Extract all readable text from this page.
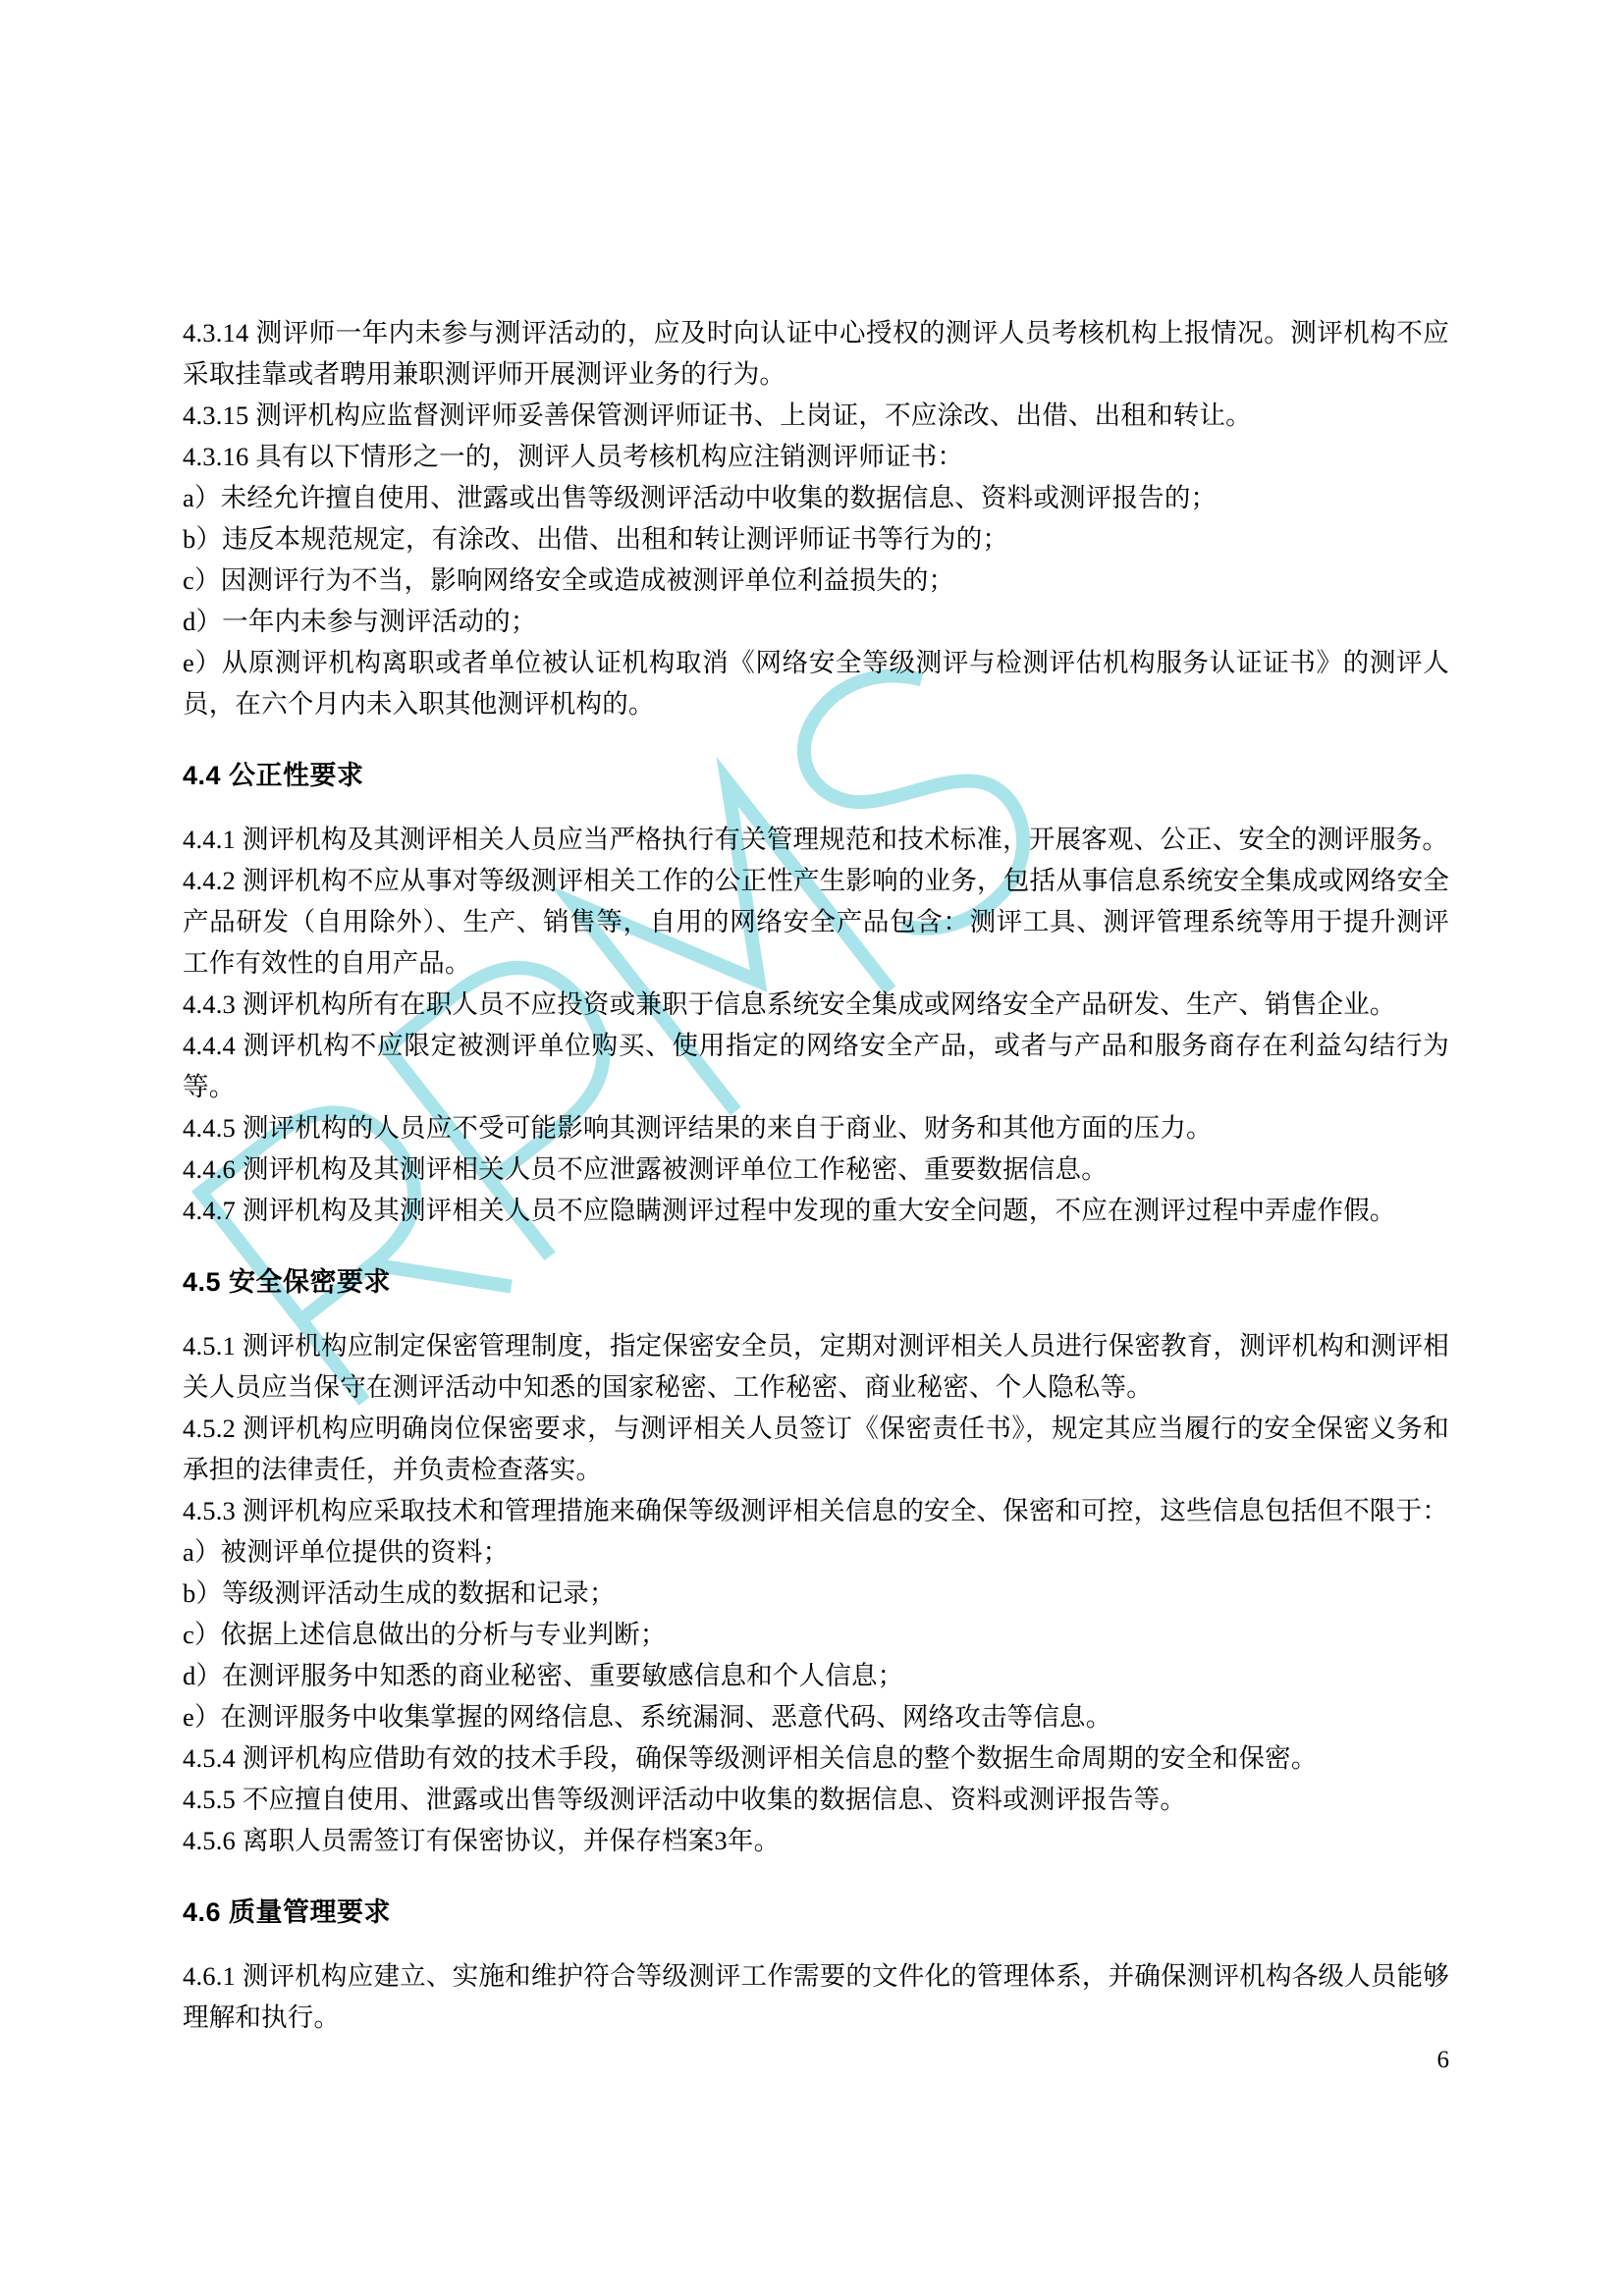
4.3.14 测评师一年内未参与测评活动的，应及时向认证中心授权的测评人员考核机构上报情况。测评机构不应采取挂靠或者聘用兼职测评师开展测评业务的行为。

4.3.15 测评机构应监督测评师妥善保管测评师证书、上岗证，不应涂改、出借、出租和转让。

4.3.16 具有以下情形之一的，测评人员考核机构应注销测评师证书：

a）未经允许擅自使用、泄露或出售等级测评活动中收集的数据信息、资料或测评报告的；

b）违反本规范规定，有涂改、出借、出租和转让测评师证书等行为的；

c）因测评行为不当，影响网络安全或造成被测评单位利益损失的；

d）一年内未参与测评活动的；

e）从原测评机构离职或者单位被认证机构取消《网络安全等级测评与检测评估机构服务认证证书》的测评人员，在六个月内未入职其他测评机构的。

4.4 公正性要求

4.4.1 测评机构及其测评相关人员应当严格执行有关管理规范和技术标准，开展客观、公正、安全的测评服务。

4.4.2 测评机构不应从事对等级测评相关工作的公正性产生影响的业务，包括从事信息系统安全集成或网络安全产品研发（自用除外）、生产、销售等，自用的网络安全产品包含：测评工具、测评管理系统等用于提升测评工作有效性的自用产品。

4.4.3 测评机构所有在职人员不应投资或兼职于信息系统安全集成或网络安全产品研发、生产、销售企业。

4.4.4 测评机构不应限定被测评单位购买、使用指定的网络安全产品，或者与产品和服务商存在利益勾结行为等。

4.4.5 测评机构的人员应不受可能影响其测评结果的来自于商业、财务和其他方面的压力。

4.4.6 测评机构及其测评相关人员不应泄露被测评单位工作秘密、重要数据信息。

4.4.7 测评机构及其测评相关人员不应隐瞒测评过程中发现的重大安全问题，不应在测评过程中弄虚作假。

4.5 安全保密要求

4.5.1 测评机构应制定保密管理制度，指定保密安全员，定期对测评相关人员进行保密教育，测评机构和测评相关人员应当保守在测评活动中知悉的国家秘密、工作秘密、商业秘密、个人隐私等。

4.5.2 测评机构应明确岗位保密要求，与测评相关人员签订《保密责任书》，规定其应当履行的安全保密义务和承担的法律责任，并负责检查落实。

4.5.3 测评机构应采取技术和管理措施来确保等级测评相关信息的安全、保密和可控，这些信息包括但不限于：

a）被测评单位提供的资料；

b）等级测评活动生成的数据和记录；

c）依据上述信息做出的分析与专业判断；

d）在测评服务中知悉的商业秘密、重要敏感信息和个人信息；

e）在测评服务中收集掌握的网络信息、系统漏洞、恶意代码、网络攻击等信息。

4.5.4 测评机构应借助有效的技术手段，确保等级测评相关信息的整个数据生命周期的安全和保密。

4.5.5 不应擅自使用、泄露或出售等级测评活动中收集的数据信息、资料或测评报告等。

4.5.6 离职人员需签订有保密协议，并保存档案3年。

4.6 质量管理要求

4.6.1 测评机构应建立、实施和维护符合等级测评工作需要的文件化的管理体系，并确保测评机构各级人员能够理解和执行。

6
